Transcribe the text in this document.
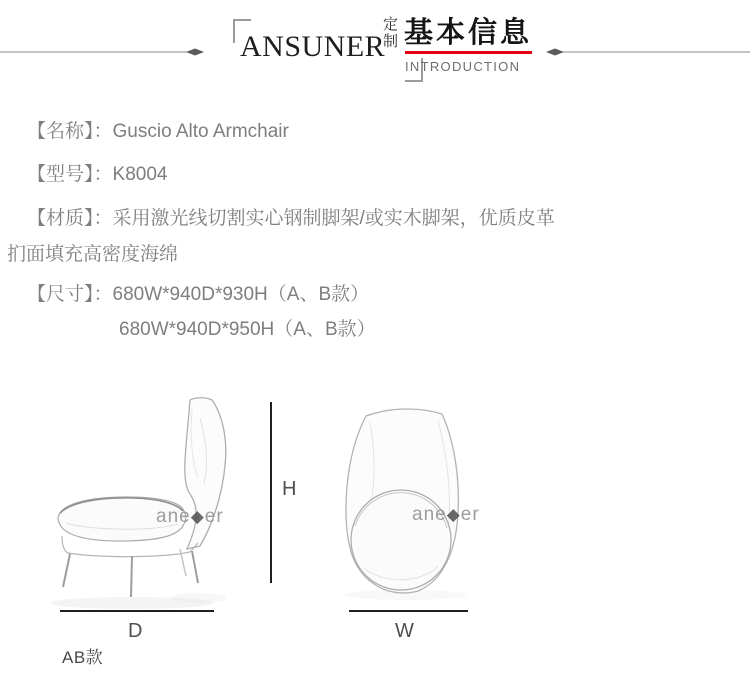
ANSUNER
定制 基本信息
INTRODUCTION
【名称】：Guscio Alto Armchair
【型号】：K8004
【材质】：采用激光线切割实心钢制脚架/或实木脚架，优质皮革
扪面填充高密度海绵
【尺寸】：680W*940D*930H（A、B款）
680W*940D*950H（A、B款）
ane◆er	ane◆er
H
D	W
AB款
